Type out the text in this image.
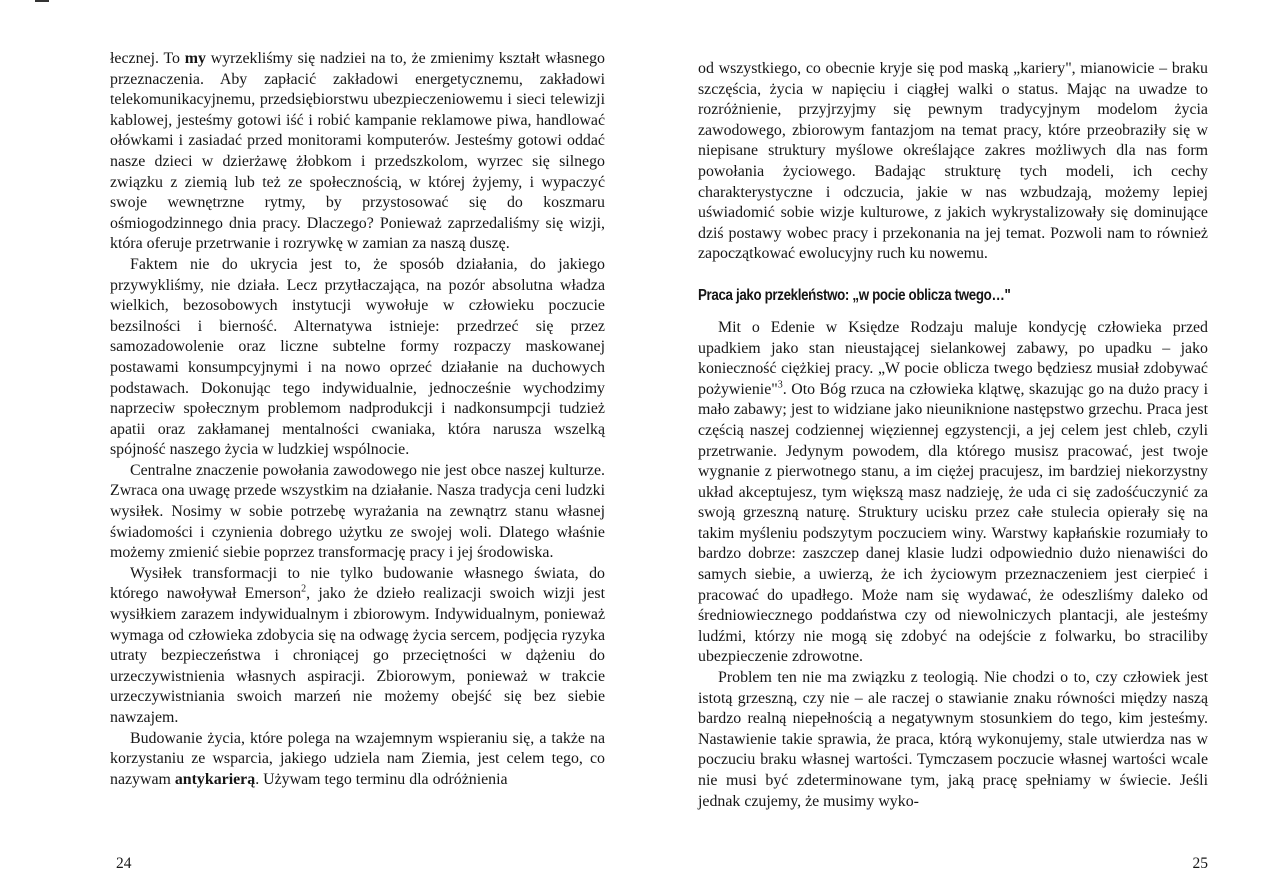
łecznej. To my wyrzekliśmy się nadziei na to, że zmienimy kształt własnego przeznaczenia. Aby zapłacić zakładowi energetycznemu, zakładowi telekomunikacyjnemu, przedsiębiorstwu ubezpieczeniowemu i sieci telewizji kablowej, jesteśmy gotowi iść i robić kampanie reklamowe piwa, handlować ołówkami i zasiadać przed monitorami komputerów. Jesteśmy gotowi oddać nasze dzieci w dzierżawę żłobkom i przedszkolom, wyrzec się silnego związku z ziemią lub też ze społecznością, w której żyjemy, i wypaczyć swoje wewnętrzne rytmy, by przystosować się do koszmaru ośmiogodzinnego dnia pracy. Dlaczego? Ponieważ zaprzedaliśmy się wizji, która oferuje przetrwanie i rozrywkę w zamian za naszą duszę.

Faktem nie do ukrycia jest to, że sposób działania, do jakiego przywykliśmy, nie działa. Lecz przytłaczająca, na pozór absolutna władza wielkich, bezosobowych instytucji wywołuje w człowieku poczucie bezsilności i bierność. Alternatywa istnieje: przedrzeć się przez samozadowolenie oraz liczne subtelne formy rozpaczy maskowanej postawami konsumpcyjnymi i na nowo oprzeć działanie na duchowych podstawach. Dokonując tego indywidualnie, jednocześnie wychodzimy naprzeciw społecznym problemom nadprodukcji i nadkonsumpcji tudzież apatii oraz zakłamanej mentalności cwaniaka, która narusza wszelką spójność naszego życia w ludzkiej wspólnocie.

Centralne znaczenie powołania zawodowego nie jest obce naszej kulturze. Zwraca ona uwagę przede wszystkim na działanie. Nasza tradycja ceni ludzki wysiłek. Nosimy w sobie potrzebę wyrażania na zewnątrz stanu własnej świadomości i czynienia dobrego użytku ze swojej woli. Dlatego właśnie możemy zmienić siebie poprzez transformację pracy i jej środowiska.

Wysiłek transformacji to nie tylko budowanie własnego świata, do którego nawoływał Emerson$^2$, jako że dzieło realizacji swoich wizji jest wysiłkiem zarazem indywidualnym i zbiorowym. Indywidualnym, ponieważ wymaga od człowieka zdobycia się na odwagę życia sercem, podjęcia ryzyka utraty bezpieczeństwa i chroniącej go przeciętności w dążeniu do urzeczywistnienia własnych aspiracji. Zbiorowym, ponieważ w trakcie urzeczywistniania swoich marzeń nie możemy obejść się bez siebie nawzajem.

Budowanie życia, które polega na wzajemnym wspieraniu się, a także na korzystaniu ze wsparcia, jakiego udziela nam Ziemia, jest celem tego, co nazywam antykarierą. Używam tego terminu dla odróżnienia

24

od wszystkiego, co obecnie kryje się pod maską „kariery", mianowicie – braku szczęścia, życia w napięciu i ciągłej walki o status. Mając na uwadze to rozróżnienie, przyjrzyjmy się pewnym tradycyjnym modelom życia zawodowego, zbiorowym fantazjom na temat pracy, które przeobraziły się w niepisane struktury myślowe określające zakres możliwych dla nas form powołania życiowego. Badając strukturę tych modeli, ich cechy charakterystyczne i odczucia, jakie w nas wzbudzają, możemy lepiej uświadomić sobie wizje kulturowe, z jakich wykrystalizowały się dominujące dziś postawy wobec pracy i przekonania na jej temat. Pozwoli nam to również zapoczątkować ewolucyjny ruch ku nowemu.

Praca jako przekleństwo: „w pocie oblicza twego…"

Mit o Edenie w Księdze Rodzaju maluje kondycję człowieka przed upadkiem jako stan nieustającej sielankowej zabawy, po upadku – jako konieczność ciężkiej pracy. „W pocie oblicza twego będziesz musiał zdobywać pożywienie"$^3$. Oto Bóg rzuca na człowieka klątwę, skazując go na dużo pracy i mało zabawy; jest to widziane jako nieuniknione następstwo grzechu. Praca jest częścią naszej codziennej więziennej egzystencji, a jej celem jest chleb, czyli przetrwanie. Jedynym powodem, dla którego musisz pracować, jest twoje wygnanie z pierwotnego stanu, a im ciężej pracujesz, im bardziej niekorzystny układ akceptujesz, tym większą masz nadzieję, że uda ci się zadośćuczynić za swoją grzeszną naturę. Struktury ucisku przez całe stulecia opierały się na takim myśleniu podszytym poczuciem winy. Warstwy kapłańskie rozumiały to bardzo dobrze: zaszczep danej klasie ludzi odpowiednio dużo nienawiści do samych siebie, a uwierzą, że ich życiowym przeznaczeniem jest cierpieć i pracować do upadłego. Może nam się wydawać, że odeszliśmy daleko od średniowiecznego poddaństwa czy od niewolniczych plantacji, ale jesteśmy ludźmi, którzy nie mogą się zdobyć na odejście z folwarku, bo straciliby ubezpieczenie zdrowotne.

Problem ten nie ma związku z teologią. Nie chodzi o to, czy człowiek jest istotą grzeszną, czy nie – ale raczej o stawianie znaku równości między naszą bardzo realną niepełnością a negatywnym stosunkiem do tego, kim jesteśmy. Nastawienie takie sprawia, że praca, którą wykonujemy, stale utwierdza nas w poczuciu braku własnej wartości. Tymczasem poczucie własnej wartości wcale nie musi być zdeterminowane tym, jaką pracę spełniamy w świecie. Jeśli jednak czujemy, że musimy wyko-

25
